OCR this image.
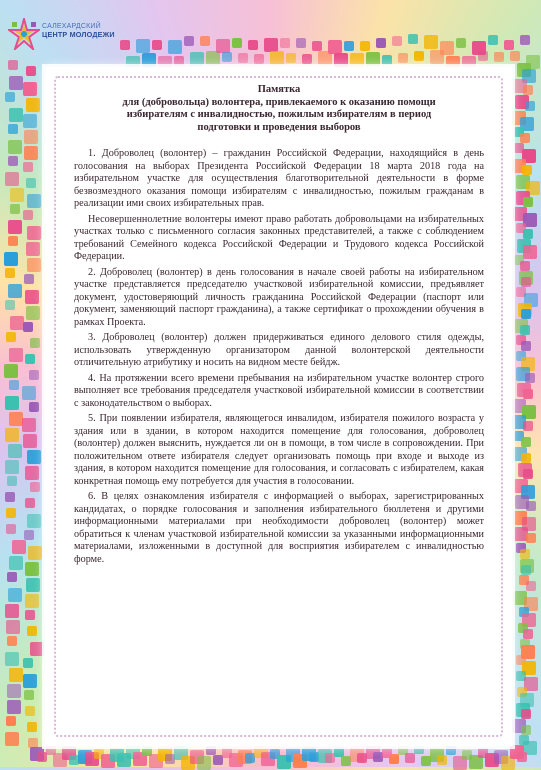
САЛЕХАРДСКИЙ
ЦЕНТР МОЛОДЕЖИ
Памятка
для (добровольца) волонтера, привлекаемого к оказанию помощи
избирателям с инвалидностью, пожилым избирателям в период
подготовки и проведения выборов

1. Доброволец (волонтер) – гражданин Российской Федерации, находящийся в день голосования на выборах Президента Российской Федерации 18 марта 2018 года на избирательном участке для осуществления благотворительной деятельности в форме безвозмездного оказания помощи избирателям с инвалидностью, пожилым гражданам в реализации ими своих избирательных прав.

Несовершеннолетние волонтеры имеют право работать добровольцами на избирательных участках только с письменного согласия законных представителей, а также с соблюдением требований Семейного кодекса Российской Федерации и Трудового кодекса Российской Федерации.

2. Доброволец (волонтер) в день голосования в начале своей работы на избирательном участке представляется председателю участковой избирательной комиссии, предъявляет документ, удостоверяющий личность гражданина Российской Федерации (паспорт или документ, заменяющий паспорт гражданина), а также сертификат о прохождении обучения в рамках Проекта.

3. Доброволец (волонтер) должен придерживаться единого делового стиля одежды, использовать утвержденную организатором данной волонтерской деятельности отличительную атрибутику и носить на видном месте бейдж.

4. На протяжении всего времени пребывания на избирательном участке волонтер строго выполняет все требования председателя участковой избирательной комиссии в соответствии с законодательством о выборах.

5. При появлении избирателя, являющегося инвалидом, избирателя пожилого возраста у здания или в здании, в котором находится помещение для голосования, доброволец (волонтер) должен выяснить, нуждается ли он в помощи, в том числе в сопровождении. При положительном ответе избирателя следует организовать помощь при входе и выходе из здания, в котором находится помещение для голосования, и согласовать с избирателем, какая конкретная помощь ему потребуется для участия в голосовании.

6. В целях ознакомления избирателя с информацией о выборах, зарегистрированных кандидатах, о порядке голосования и заполнения избирательного бюллетеня и другими информационными материалами при необходимости доброволец (волонтер) может обратиться к членам участковой избирательной комиссии за указанными информационными материалами, изложенными в доступной для восприятия избирателем с инвалидностью форме.
